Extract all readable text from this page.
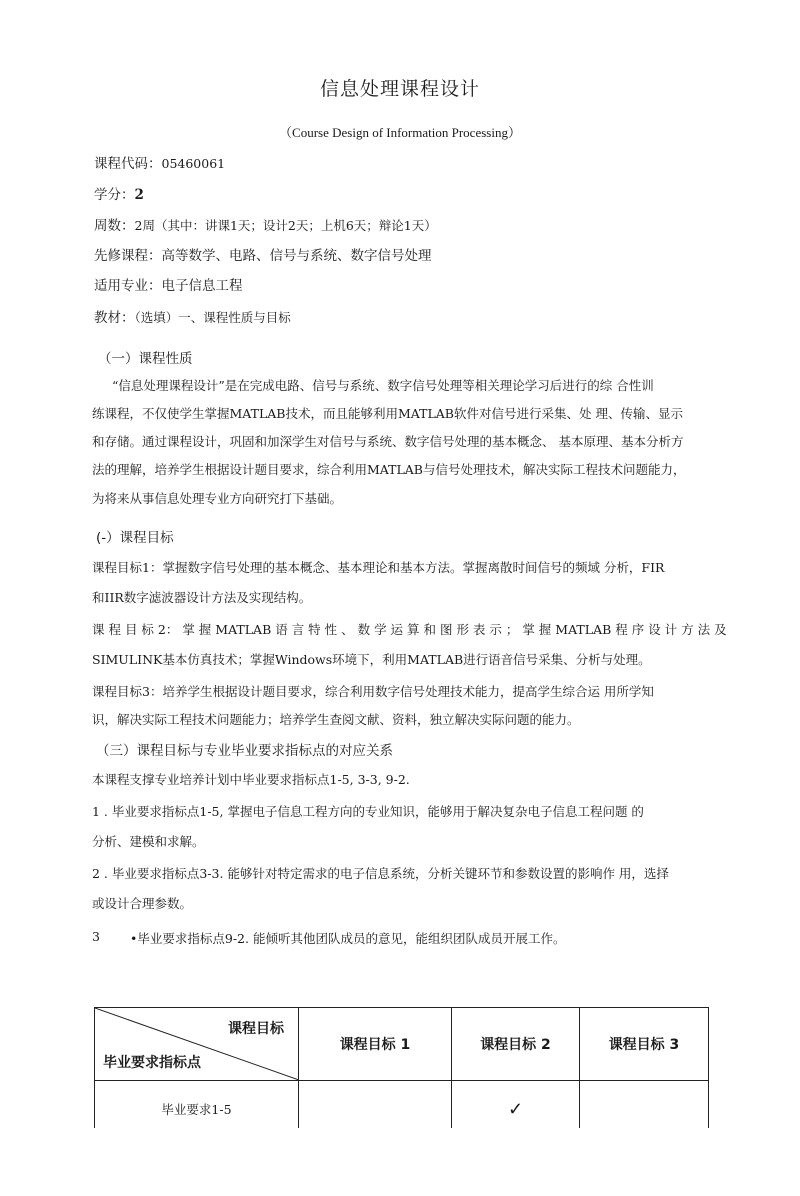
信息处理课程设计
（Course Design of Information Processing）
课程代码：05460061
学分：2
周数：2周（其中：讲课1天；设计2天；上机6天；辩论1天）
先修课程：高等数学、电路、信号与系统、数字信号处理
适用专业：电子信息工程
教材：（选填）一、课程性质与目标
（一）课程性质
“信息处理课程设计”是在完成电路、信号与系统、数字信号处理等相关理论学习后进行的综 合性训
练课程，不仅使学生掌握MATLAB技术，而且能够利用MATLAB软件对信号进行采集、处 理、传输、显示
和存储。通过课程设计，巩固和加深学生对信号与系统、数字信号处理的基本概念、 基本原理、基本分析方
法的理解，培养学生根据设计题目要求，综合利用MATLAB与信号处理技术，解决实际工程技术问题能力，
为将来从事信息处理专业方向研究打下基础。
(-）课程目标
课程目标1：掌握数字信号处理的基本概念、基本理论和基本方法。掌握离散时间信号的频域 分析，FIR
和IIR数字滤波器设计方法及实现结构。
课 程 目 标 2： 掌 握 MATLAB 语 言 特 性 、 数 学 运 算 和 图 形 表 示 ； 掌 握 MATLAB 程 序 设 计 方 法 及
SIMULINK基本仿真技术；掌握Windows环境下，利用MATLAB进行语音信号采集、分析与处理。
课程目标3：培养学生根据设计题目要求，综合利用数字信号处理技术能力，提高学生综合运 用所学知
识，解决实际工程技术问题能力；培养学生查阅文献、资料，独立解决实际问题的能力。
（三）课程目标与专业毕业要求指标点的对应关系
本课程支撑专业培养计划中毕业要求指标点1-5, 3-3, 9-2.
1 . 毕业要求指标点1-5, 掌握电子信息工程方向的专业知识，能够用于解决复杂电子信息工程问题 的
分析、建模和求解。
2 . 毕业要求指标点3-3. 能够针对特定需求的电子信息系统，分析关键环节和参数设置的影响作 用，选择
或设计合理参数。
3 •毕业要求指标点9-2. 能倾听其他团队成员的意见，能组织团队成员开展工作。
课程目标
毕业要求指标点	课程目标 1	课程目标 2	课程目标 3
毕业要求1-5		✓	
